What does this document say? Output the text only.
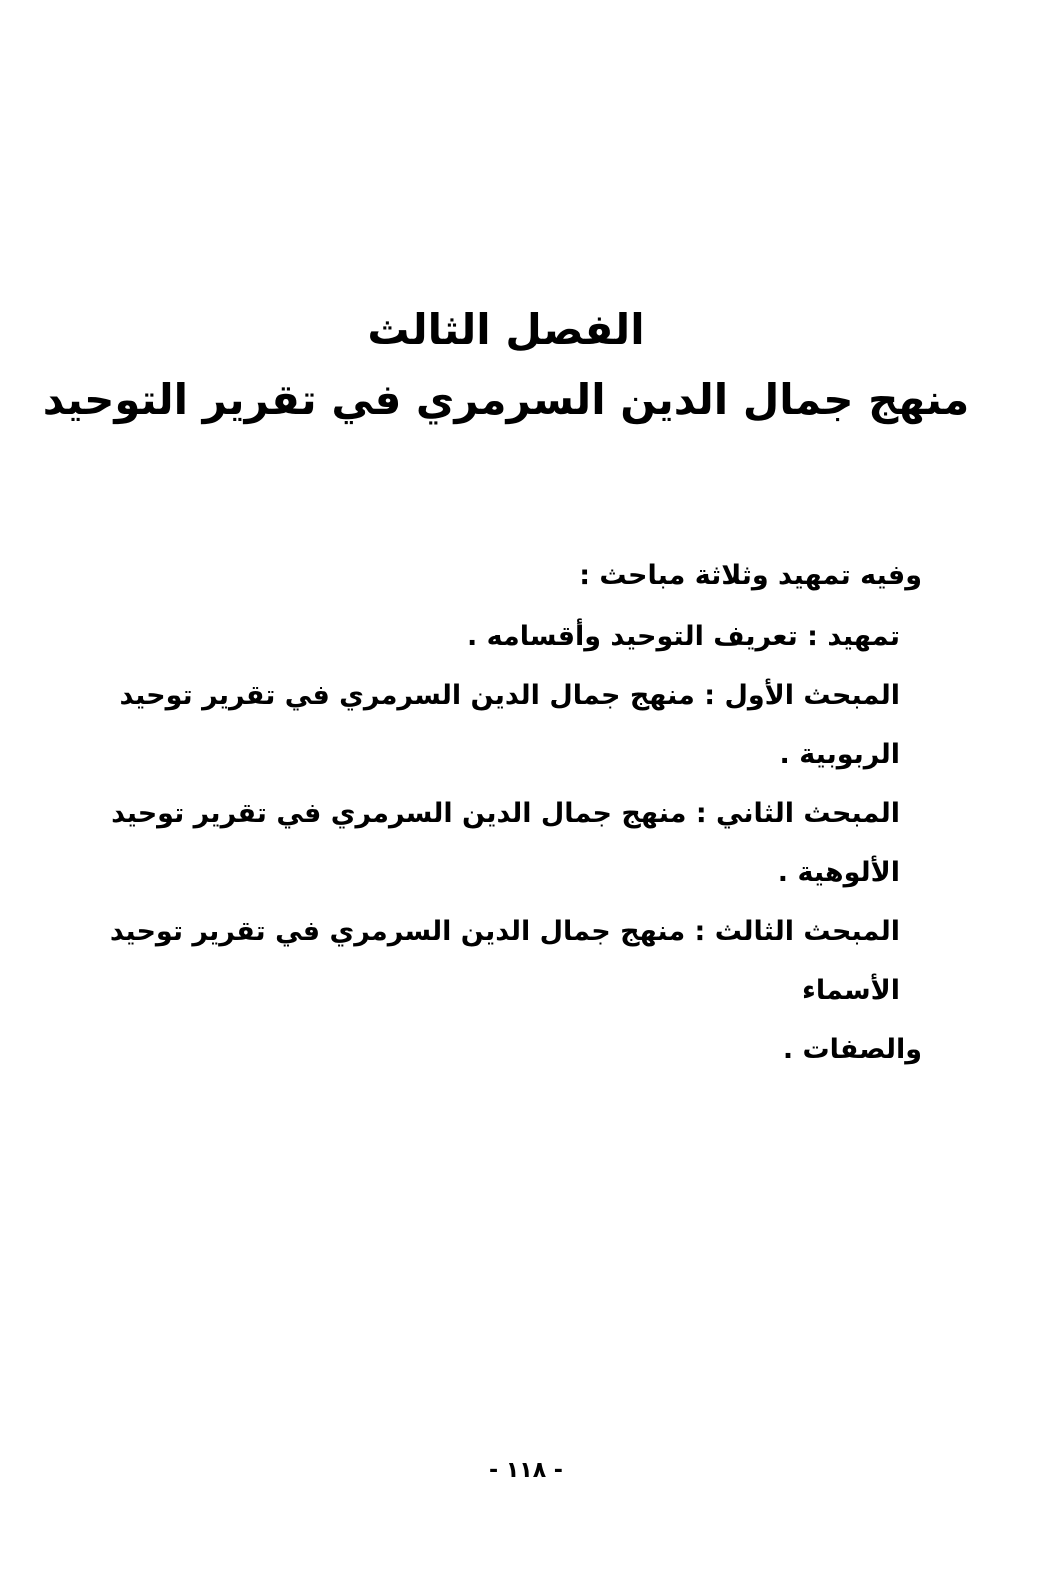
الفصل الثالث
منهج جمال الدين السرمري في تقرير التوحيد

وفيه تمهيد وثلاثة مباحث :

تمهيد : تعريف التوحيد وأقسامه .
المبحث الأول : منهج جمال الدين السرمري في تقرير توحيد الربوبية .
المبحث الثاني : منهج جمال الدين السرمري في تقرير توحيد الألوهية .
المبحث الثالث : منهج جمال الدين السرمري في تقرير توحيد الأسماء
والصفات .
- ١١٨ -
